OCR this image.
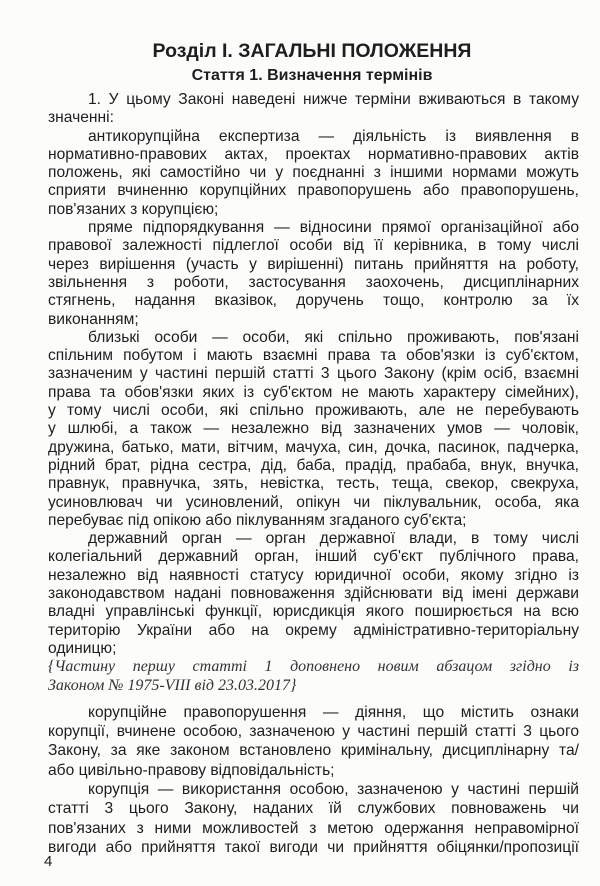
Розділ І. ЗАГАЛЬНІ ПОЛОЖЕННЯ
Стаття 1. Визначення термінів
1. У цьому Законі наведені нижче терміни вживаються в такому
значенні:
антикорупційна експертиза — діяльність із виявлення в
нормативно-правових актах, проектах нормативно-правових актів
положень, які самостійно чи у поєднанні з іншими нормами можуть
сприяти вчиненню корупційних правопорушень або правопорушень,
пов'язаних з корупцією;
пряме підпорядкування — відносини прямої організаційної або
правової залежності підлеглої особи від її керівника, в тому числі
через вирішення (участь у вирішенні) питань прийняття на роботу,
звільнення з роботи, застосування заохочень, дисциплінарних
стягнень, надання вказівок, доручень тощо, контролю за їх
виконанням;
близькі особи — особи, які спільно проживають, пов'язані
спільним побутом і мають взаємні права та обов'язки із суб'єктом,
зазначеним у частині першій статті 3 цього Закону (крім осіб, взаємні
права та обов'язки яких із суб'єктом не мають характеру сімейних),
у тому числі особи, які спільно проживають, але не перебувають
у шлюбі, а також — незалежно від зазначених умов — чоловік,
дружина, батько, мати, вітчим, мачуха, син, дочка, пасинок, падчерка,
рідний брат, рідна сестра, дід, баба, прадід, прабаба, внук, внучка,
правнук, правнучка, зять, невістка, тесть, теща, свекор, свекруха,
усиновлювач чи усиновлений, опікун чи піклувальник, особа, яка
перебуває під опікою або піклуванням згаданого суб'єкта;
державний орган — орган державної влади, в тому числі
колегіальний державний орган, інший суб'єкт публічного права,
незалежно від наявності статусу юридичної особи, якому згідно із
законодавством надані повноваження здійснювати від імені держави
владні управлінські функції, юрисдикція якого поширюється на всю
територію України або на окрему адміністративно-територіальну
одиницю;
{Частину першу статті 1 доповнено новим абзацом згідно із
Законом № 1975-VIII від 23.03.2017}
корупційне правопорушення — діяння, що містить ознаки
корупції, вчинене особою, зазначеною у частині першій статті 3 цього
Закону, за яке законом встановлено кримінальну, дисциплінарну та/
або цивільно-правову відповідальність;
корупція — використання особою, зазначеною у частині першій
статті 3 цього Закону, наданих їй службових повноважень чи
пов'язаних з ними можливостей з метою одержання неправомірної
вигоди або прийняття такої вигоди чи прийняття обіцянки/пропозиції
4
